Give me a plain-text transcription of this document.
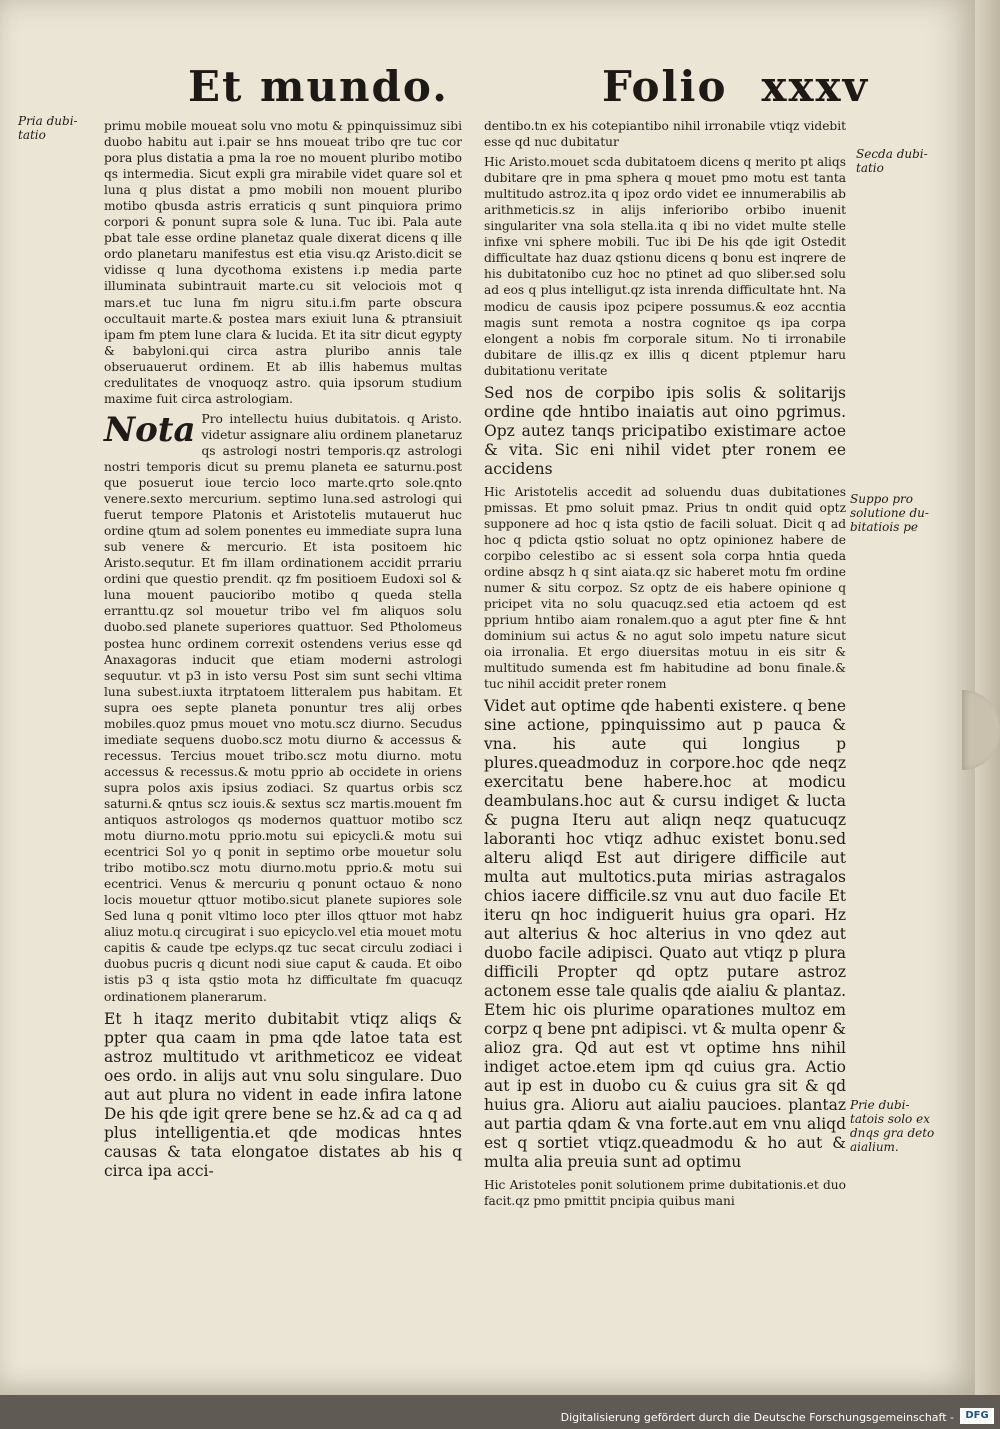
Et mundo.	Folio xxxv
Pria dubi- tatio
Secda dubi- tatio
Suppo pro solutione du- bitatiois pe
Prie dubi- tatois solo ex dnqs gra deto aialium.

primu mobile moueat solu vno motu & ppinquissimuz sibi duobo habitu aut i.pair se hns moueat tribo qre tuc cor pora plus distatia a pma la roe no mouent pluribo motibo qs intermedia. Sicut expli gra mirabile videt quare sol et luna q plus distat a pmo mobili non mouent pluribo motibo qbusda astris erraticis q sunt pinquiora primo corpori & ponunt supra sole & luna. Tuc ibi. Pala aute pbat tale esse ordine planetaz quale dixerat dicens q ille ordo planetaru manifestus est etia visu.qz Aristo.dicit se vidisse q luna dycothoma existens i.p media parte illuminata subintrauit marte.cu sit velociois mot q mars.et tuc luna fm nigru situ.i.fm parte obscura occultauit marte.& postea mars exiuit luna & ptransiuit ipam fm ptem lune clara & lucida. Et ita sitr dicut egypty & babyloni.qui circa astra pluribo annis tale obseruauerut ordinem. Et ab illis habemus multas credulitates de vnoquoqz astro. quia ipsorum studium maxime fuit circa astrologiam.

Nota Pro intellectu huius dubitatois. q Aristo. videtur assignare aliu ordinem planetaruz qs astrologi nostri temporis.qz astrologi nostri temporis dicut su premu planeta ee saturnu.post que posuerut ioue tercio loco marte.qrto sole.qnto venere.sexto mercurium. septimo luna.sed astrologi qui fuerut tempore Platonis et Aristotelis mutauerut huc ordine qtum ad solem ponentes eu immediate supra luna sub venere & mercurio. Et ista positoem hic Aristo.sequtur. Et fm illam ordinationem accidit prrariu ordini que questio prendit. qz fm positioem Eudoxi sol & luna mouent paucioribo motibo q queda stella erranttu.qz sol mouetur tribo vel fm aliquos solu duobo.sed planete superiores quattuor. Sed Ptholomeus postea hunc ordinem correxit ostendens verius esse qd Anaxagoras inducit que etiam moderni astrologi sequutur. vt p3 in isto versu Post sim sunt sechi vltima luna subest.iuxta itrptatoem litteralem pus habitam. Et supra oes septe planeta ponuntur tres alij orbes mobiles.quoz pmus mouet vno motu.scz diurno. Secudus imediate sequens duobo.scz motu diurno & accessus & recessus. Tercius mouet tribo.scz motu diurno. motu accessus & recessus.& motu pprio ab occidete in oriens supra polos axis ipsius zodiaci. Sz quartus orbis scz saturni.& qntus scz iouis.& sextus scz martis.mouent fm antiquos astrologos qs modernos quattuor motibo scz motu diurno.motu pprio.motu sui epicycli.& motu sui ecentrici Sol yo q ponit in septimo orbe mouetur solu tribo motibo.scz motu diurno.motu pprio.& motu sui ecentrici. Venus & mercuriu q ponunt octauo & nono locis mouetur qttuor motibo.sicut planete supiores sole Sed luna q ponit vltimo loco pter illos qttuor mot habz aliuz motu.q circugirat i suo epicyclo.vel etia mouet motu capitis & caude tpe eclyps.qz tuc secat circulu zodiaci i duobus pucris q dicunt nodi siue caput & cauda. Et oibo istis p3 q ista qstio mota hz difficultate fm quacuqz ordinationem planerarum.

Et h itaqz merito dubitabit vtiqz aliqs & ppter qua caam in pma qde latoe tata est astroz multitudo vt arithmeticoz ee videat oes ordo. in alijs aut vnu solu singulare. Duo aut aut plura no vident in eade infira latone De his qde igit qrere bene se hz.& ad ca q ad plus intelligentia.et qde modicas hntes causas & tata elongatoe distates ab his q circa ipa acci-

dentibo.tn ex his cotepiantibo nihil irronabile vtiqz videbit esse qd nuc dubitatur

Hic Aristo.mouet scda dubitatoem dicens q merito pt aliqs dubitare qre in pma sphera q mouet pmo motu est tanta multitudo astroz.ita q ipoz ordo videt ee innumerabilis ab arithmeticis.sz in alijs inferioribo orbibo inuenit singulariter vna sola stella.ita q ibi no videt multe stelle infixe vni sphere mobili. Tuc ibi De his qde igit Ostedit difficultate haz duaz qstionu dicens q bonu est inqrere de his dubitatonibo cuz hoc no ptinet ad quo sliber.sed solu ad eos q plus intelligut.qz ista inrenda difficultate hnt. Na modicu de causis ipoz pcipere possumus.& eoz accntia magis sunt remota a nostra cognitoe qs ipa corpa elongent a nobis fm corporale situm. No ti irronabile dubitare de illis.qz ex illis q dicent ptplemur haru dubitationu veritate

Sed nos de corpibo ipis solis & solitarijs ordine qde hntibo inaiatis aut oino pgrimus. Opz autez tanqs pricipatibo existimare actoe & vita. Sic eni nihil videt pter ronem ee accidens

Hic Aristotelis accedit ad soluendu duas dubitationes pmissas. Et pmo soluit pmaz. Prius tn ondit quid optz supponere ad hoc q ista qstio de facili soluat. Dicit q ad hoc q pdicta qstio soluat no optz opinionez habere de corpibo celestibo ac si essent sola corpa hntia queda ordine absqz h q sint aiata.qz sic haberet motu fm ordine numer & situ corpoz. Sz optz de eis habere opinione q pricipet vita no solu quacuqz.sed etia actoem qd est pprium hntibo aiam ronalem.quo a agut pter fine & hnt dominium sui actus & no agut solo impetu nature sicut oia irronalia. Et ergo diuersitas motuu in eis sitr & multitudo sumenda est fm habitudine ad bonu finale.& tuc nihil accidit preter ronem

Videt aut optime qde habenti existere. q bene sine actione, ppinquissimo aut p pauca & vna. his aute qui longius p plures.queadmoduz in corpore.hoc qde neqz exercitatu bene habere.hoc at modicu deambulans.hoc aut & cursu indiget & lucta & pugna Iteru aut aliqn neqz quatucuqz laboranti hoc vtiqz adhuc existet bonu.sed alteru aliqd Est aut dirigere difficile aut multa aut multotics.puta mirias astragalos chios iacere difficile.sz vnu aut duo facile Et iteru qn hoc indiguerit huius gra opari. Hz aut alterius & hoc alterius in vno qdez aut duobo facile adipisci. Quato aut vtiqz p plura difficili Propter qd optz putare astroz actonem esse tale qualis qde aialiu & plantaz. Etem hic ois plurime oparationes multoz em corpz q bene pnt adipisci. vt & multa openr & alioz gra. Qd aut est vt optime hns nihil indiget actoe.etem ipm qd cuius gra. Actio aut ip est in duobo cu & cuius gra sit & qd huius gra. Alioru aut aialiu paucioes. plantaz aut partia qdam & vna forte.aut em vnu aliqd est q sortiet vtiqz.queadmodu & ho aut & multa alia preuia sunt ad optimu

Hic Aristoteles ponit solutionem prime dubitationis.et duo facit.qz pmo pmittit pncipia quibus mani

Digitalisierung gefördert durch die Deutsche Forschungsgemeinschaft -	DFG
